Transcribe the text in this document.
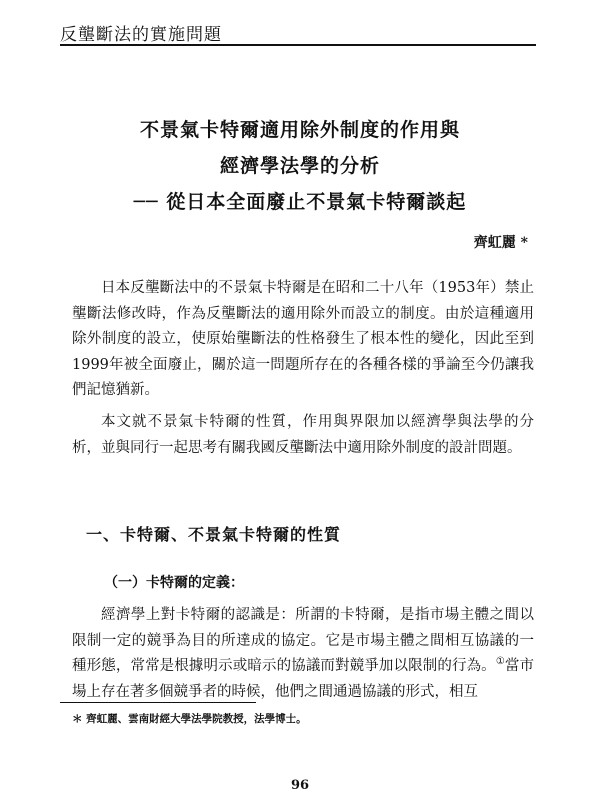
反壟斷法的實施問題
不景氣卡特爾適用除外制度的作用與
經濟學法學的分析
── 從日本全面廢止不景氣卡特爾談起
齊虹麗 *

日本反壟斷法中的不景氣卡特爾是在昭和二十八年（1953年）禁止壟斷法修改時，作為反壟斷法的適用除外而設立的制度。由於這種適用除外制度的設立，使原始壟斷法的性格發生了根本性的變化，因此至到1999年被全面廢止，關於這一問題所存在的各種各樣的爭論至今仍讓我們記憶猶新。

本文就不景氣卡特爾的性質，作用與界限加以經濟學與法學的分析，並與同行一起思考有關我國反壟斷法中適用除外制度的設計問題。

一、卡特爾、不景氣卡特爾的性質
（一）卡特爾的定義：

經濟學上對卡特爾的認識是：所謂的卡特爾，是指市場主體之間以限制一定的競爭為目的所達成的協定。它是市場主體之間相互協議的一種形態，常常是根據明示或暗示的協議而對競爭加以限制的行為。①當市場上存在著多個競爭者的時候，他們之間通過協議的形式，相互

＊ 齊虹麗、雲南財經大學法學院教授，法學博士。
96
